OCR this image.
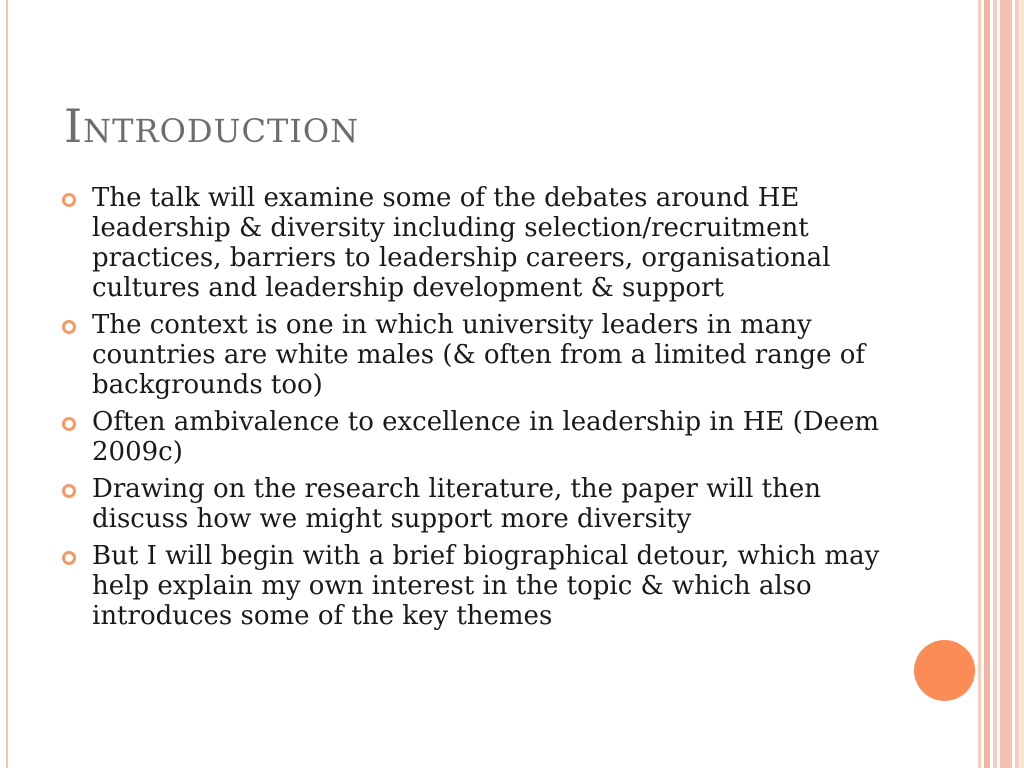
Introduction
The talk will examine some of the debates around HE leadership & diversity including selection/recruitment practices, barriers to leadership careers, organisational cultures and leadership development & support
The context is one in which university leaders in many countries are white males (& often from a limited range of backgrounds too)
Often ambivalence to excellence in leadership in HE (Deem 2009c)
Drawing on the research literature, the paper will then discuss how we might support more diversity
But I will begin with a brief biographical detour, which may help explain my own interest in the topic & which also introduces some of the key themes
